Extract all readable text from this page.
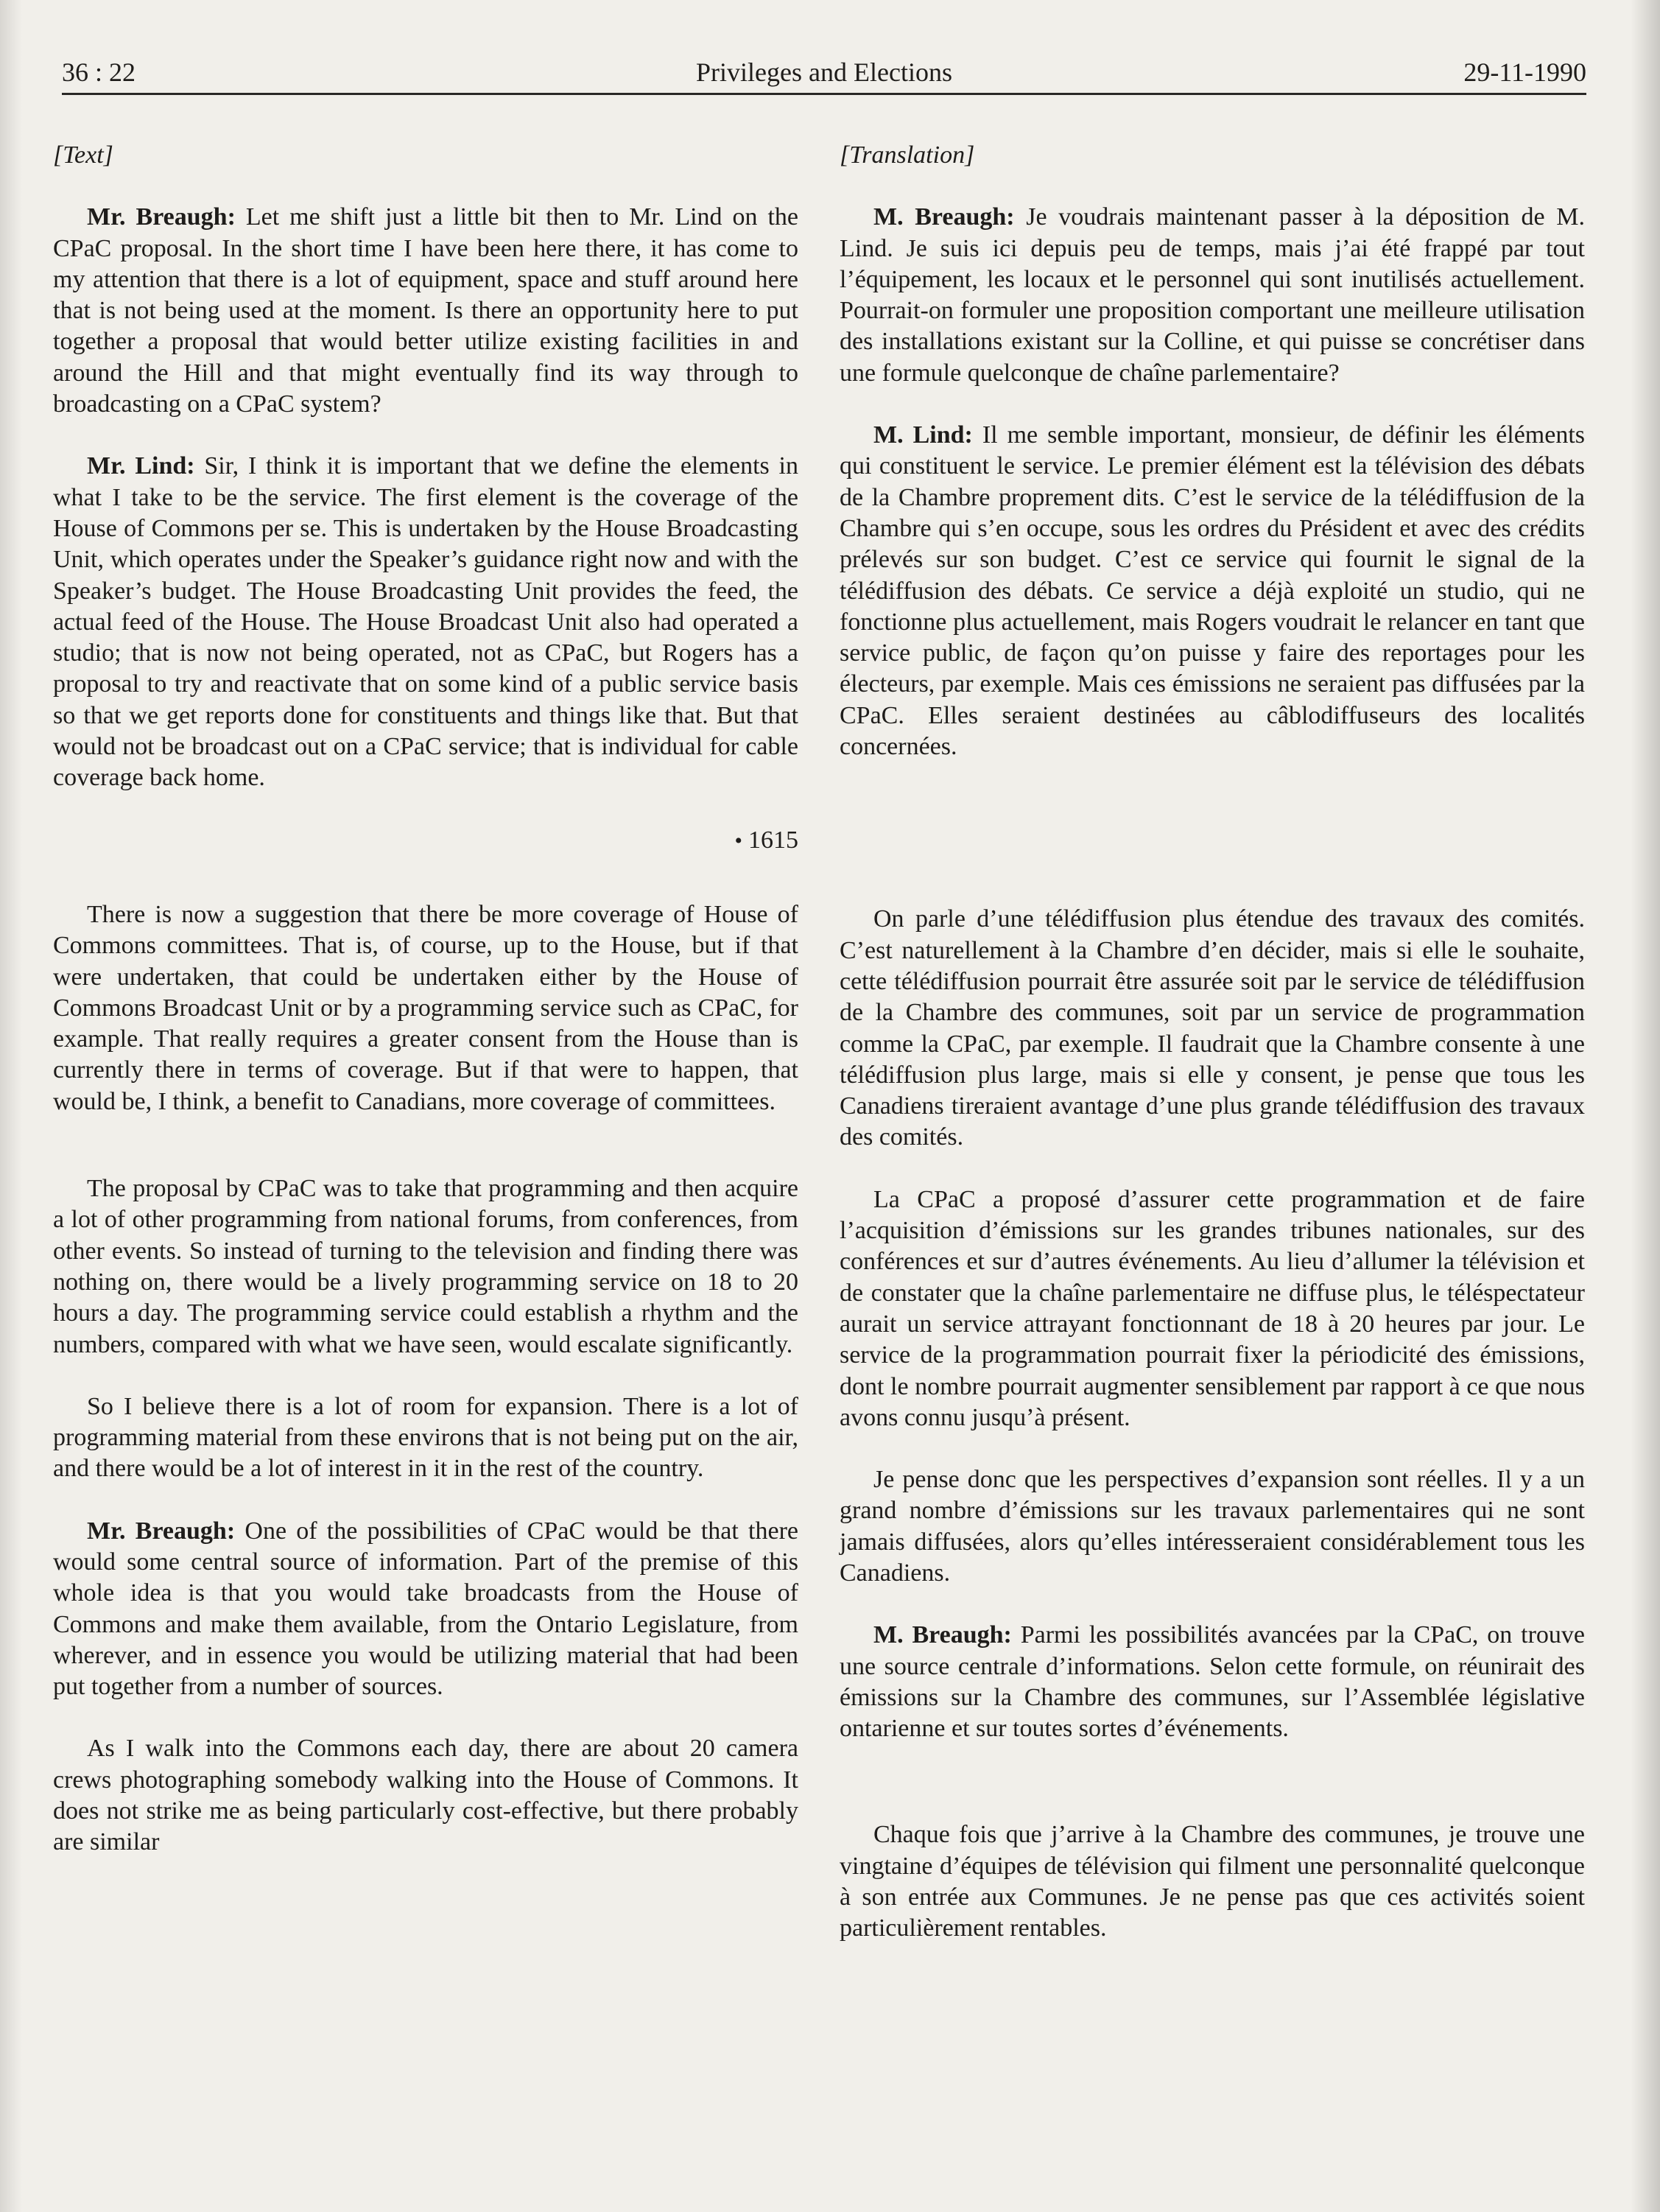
Privileges and Elections
36 : 22	29-11-1990

[Text]

Mr. Breaugh: Let me shift just a little bit then to Mr. Lind on the CPaC proposal. In the short time I have been here there, it has come to my attention that there is a lot of equipment, space and stuff around here that is not being used at the moment. Is there an opportunity here to put together a proposal that would better utilize existing facilities in and around the Hill and that might eventually find its way through to broadcasting on a CPaC system?

Mr. Lind: Sir, I think it is important that we define the elements in what I take to be the service. The first element is the coverage of the House of Commons per se. This is undertaken by the House Broadcasting Unit, which operates under the Speaker’s guidance right now and with the Speaker’s budget. The House Broadcasting Unit provides the feed, the actual feed of the House. The House Broadcast Unit also had operated a studio; that is now not being operated, not as CPaC, but Rogers has a proposal to try and reactivate that on some kind of a public service basis so that we get reports done for constituents and things like that. But that would not be broadcast out on a CPaC service; that is individual for cable coverage back home.

• 1615

There is now a suggestion that there be more coverage of House of Commons committees. That is, of course, up to the House, but if that were undertaken, that could be undertaken either by the House of Commons Broadcast Unit or by a programming service such as CPaC, for example. That really requires a greater consent from the House than is currently there in terms of coverage. But if that were to happen, that would be, I think, a benefit to Canadians, more coverage of committees.

The proposal by CPaC was to take that programming and then acquire a lot of other programming from national forums, from conferences, from other events. So instead of turning to the television and finding there was nothing on, there would be a lively programming service on 18 to 20 hours a day. The programming service could establish a rhythm and the numbers, compared with what we have seen, would escalate significantly.

So I believe there is a lot of room for expansion. There is a lot of programming material from these environs that is not being put on the air, and there would be a lot of interest in it in the rest of the country.

Mr. Breaugh: One of the possibilities of CPaC would be that there would some central source of information. Part of the premise of this whole idea is that you would take broadcasts from the House of Commons and make them available, from the Ontario Legislature, from wherever, and in essence you would be utilizing material that had been put together from a number of sources.

As I walk into the Commons each day, there are about 20 camera crews photographing somebody walking into the House of Commons. It does not strike me as being particularly cost-effective, but there probably are similar

[Translation]

M. Breaugh: Je voudrais maintenant passer à la déposition de M. Lind. Je suis ici depuis peu de temps, mais j’ai été frappé par tout l’équipement, les locaux et le personnel qui sont inutilisés actuellement. Pourrait-on formuler une proposition comportant une meilleure utilisation des installations existant sur la Colline, et qui puisse se concrétiser dans une formule quelconque de chaîne parlementaire?

M. Lind: Il me semble important, monsieur, de définir les éléments qui constituent le service. Le premier élément est la télévision des débats de la Chambre proprement dits. C’est le service de la télédiffusion de la Chambre qui s’en occupe, sous les ordres du Président et avec des crédits prélevés sur son budget. C’est ce service qui fournit le signal de la télédiffusion des débats. Ce service a déjà exploité un studio, qui ne fonctionne plus actuellement, mais Rogers voudrait le relancer en tant que service public, de façon qu’on puisse y faire des reportages pour les électeurs, par exemple. Mais ces émissions ne seraient pas diffusées par la CPaC. Elles seraient destinées au câblodiffuseurs des localités concernées.

On parle d’une télédiffusion plus étendue des travaux des comités. C’est naturellement à la Chambre d’en décider, mais si elle le souhaite, cette télédiffusion pourrait être assurée soit par le service de télédiffusion de la Chambre des communes, soit par un service de programmation comme la CPaC, par exemple. Il faudrait que la Chambre consente à une télédiffusion plus large, mais si elle y consent, je pense que tous les Canadiens tireraient avantage d’une plus grande télédiffusion des travaux des comités.

La CPaC a proposé d’assurer cette programmation et de faire l’acquisition d’émissions sur les grandes tribunes nationales, sur des conférences et sur d’autres événements. Au lieu d’allumer la télévision et de constater que la chaîne parlementaire ne diffuse plus, le téléspectateur aurait un service attrayant fonctionnant de 18 à 20 heures par jour. Le service de la programmation pourrait fixer la périodicité des émissions, dont le nombre pourrait augmenter sensiblement par rapport à ce que nous avons connu jusqu’à présent.

Je pense donc que les perspectives d’expansion sont réelles. Il y a un grand nombre d’émissions sur les travaux parlementaires qui ne sont jamais diffusées, alors qu’elles intéresseraient considérablement tous les Canadiens.

M. Breaugh: Parmi les possibilités avancées par la CPaC, on trouve une source centrale d’informations. Selon cette formule, on réunirait des émissions sur la Chambre des communes, sur l’Assemblée législative ontarienne et sur toutes sortes d’événements.

Chaque fois que j’arrive à la Chambre des communes, je trouve une vingtaine d’équipes de télévision qui filment une personnalité quelconque à son entrée aux Communes. Je ne pense pas que ces activités soient particulièrement rentables.
